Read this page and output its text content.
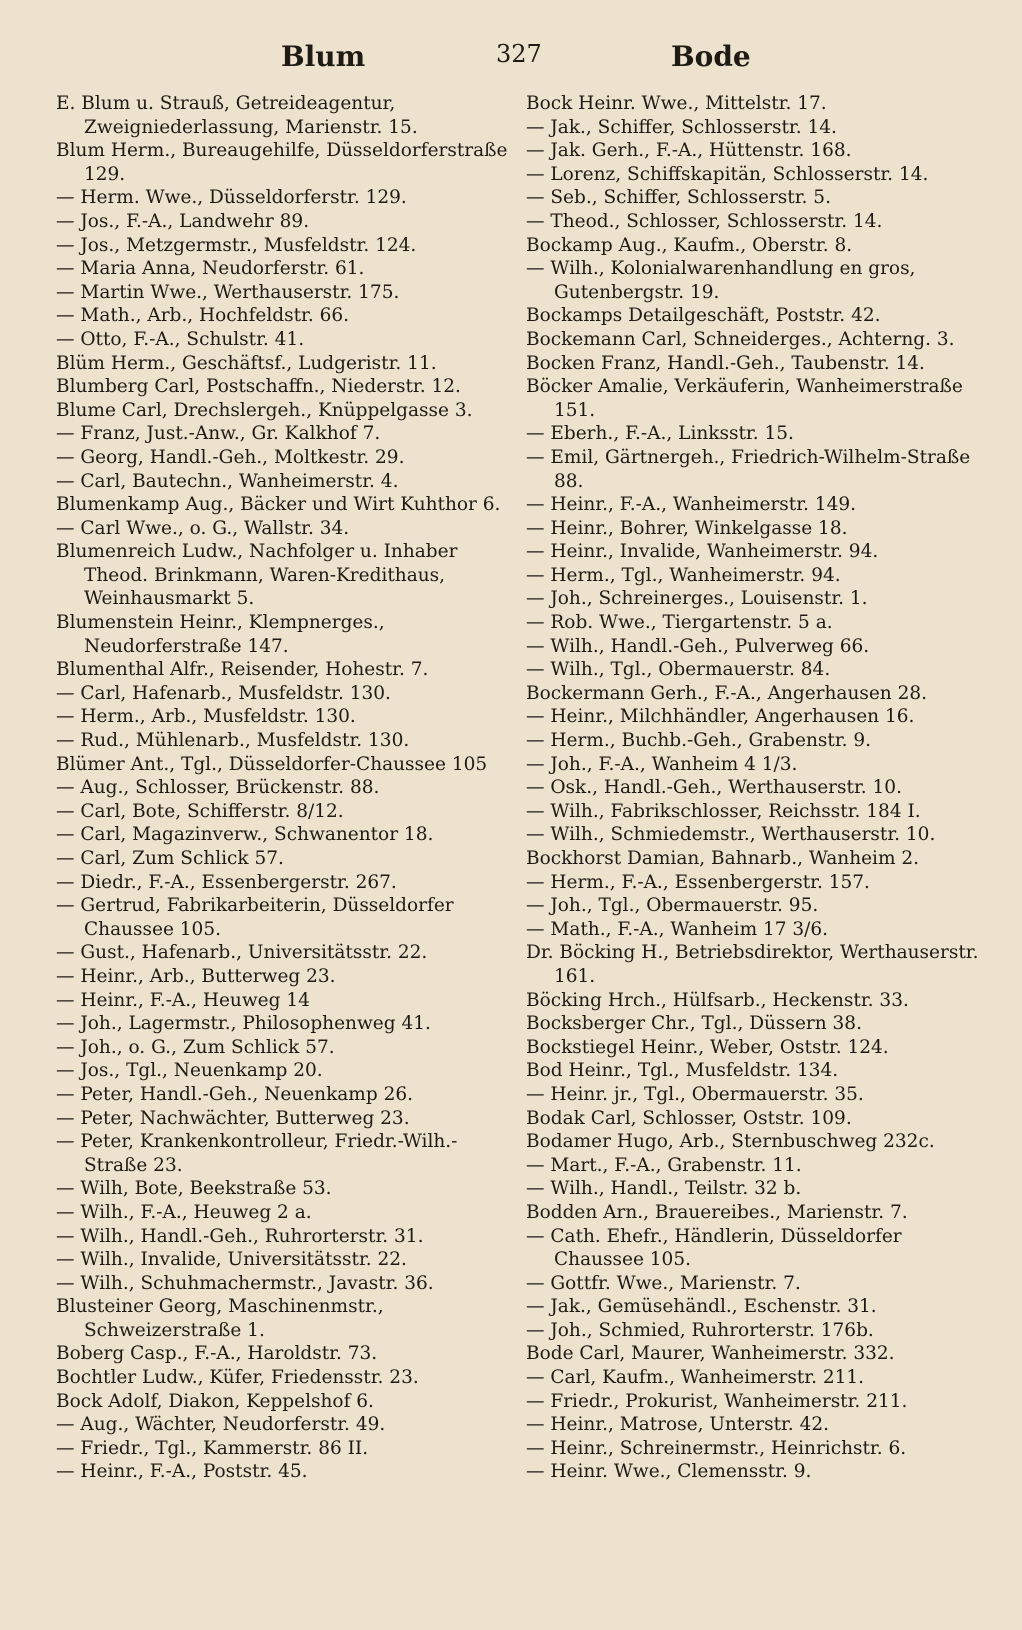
Blum	327	Bode

E. Blum u. Strauß, Getreideagentur, Zweigniederlassung, Marienstr. 15.

Blum Herm., Bureaugehilfe, Düsseldorferstraße 129.

— Herm. Wwe., Düsseldorferstr. 129.

— Jos., F.-A., Landwehr 89.

— Jos., Metzgermstr., Musfeldstr. 124.

— Maria Anna, Neudorferstr. 61.

— Martin Wwe., Werthauserstr. 175.

— Math., Arb., Hochfeldstr. 66.

— Otto, F.-A., Schulstr. 41.

Blüm Herm., Geschäftsf., Ludgeristr. 11.

Blumberg Carl, Postschaffn., Niederstr. 12.

Blume Carl, Drechslergeh., Knüppelgasse 3.

— Franz, Just.-Anw., Gr. Kalkhof 7.

— Georg, Handl.-Geh., Moltkestr. 29.

— Carl, Bautechn., Wanheimerstr. 4.

Blumenkamp Aug., Bäcker und Wirt Kuhthor 6.

— Carl Wwe., o. G., Wallstr. 34.

Blumenreich Ludw., Nachfolger u. Inhaber Theod. Brinkmann, Waren-Kredithaus, Weinhausmarkt 5.

Blumenstein Heinr., Klempnerges., Neudorferstraße 147.

Blumenthal Alfr., Reisender, Hohestr. 7.

— Carl, Hafenarb., Musfeldstr. 130.

— Herm., Arb., Musfeldstr. 130.

— Rud., Mühlenarb., Musfeldstr. 130.

Blümer Ant., Tgl., Düsseldorfer-Chaussee 105

— Aug., Schlosser, Brückenstr. 88.

— Carl, Bote, Schifferstr. 8/12.

— Carl, Magazinverw., Schwanentor 18.

— Carl, Zum Schlick 57.

— Diedr., F.-A., Essenbergerstr. 267.

— Gertrud, Fabrikarbeiterin, Düsseldorfer Chaussee 105.

— Gust., Hafenarb., Universitätsstr. 22.

— Heinr., Arb., Butterweg 23.

— Heinr., F.-A., Heuweg 14

— Joh., Lagermstr., Philosophenweg 41.

— Joh., o. G., Zum Schlick 57.

— Jos., Tgl., Neuenkamp 20.

— Peter, Handl.-Geh., Neuenkamp 26.

— Peter, Nachwächter, Butterweg 23.

— Peter, Krankenkontrolleur, Friedr.-Wilh.-Straße 23.

— Wilh, Bote, Beekstraße 53.

— Wilh., F.-A., Heuweg 2 a.

— Wilh., Handl.-Geh., Ruhrorterstr. 31.

— Wilh., Invalide, Universitätsstr. 22.

— Wilh., Schuhmachermstr., Javastr. 36.

Blusteiner Georg, Maschinenmstr., Schweizerstraße 1.

Boberg Casp., F.-A., Haroldstr. 73.

Bochtler Ludw., Küfer, Friedensstr. 23.

Bock Adolf, Diakon, Keppelshof 6.

— Aug., Wächter, Neudorferstr. 49.

— Friedr., Tgl., Kammerstr. 86 II.

— Heinr., F.-A., Poststr. 45.

Bock Heinr. Wwe., Mittelstr. 17.

— Jak., Schiffer, Schlosserstr. 14.

— Jak. Gerh., F.-A., Hüttenstr. 168.

— Lorenz, Schiffskapitän, Schlosserstr. 14.

— Seb., Schiffer, Schlosserstr. 5.

— Theod., Schlosser, Schlosserstr. 14.

Bockamp Aug., Kaufm., Oberstr. 8.

— Wilh., Kolonialwarenhandlung en gros, Gutenbergstr. 19.

Bockamps Detailgeschäft, Poststr. 42.

Bockemann Carl, Schneiderges., Achterng. 3.

Bocken Franz, Handl.-Geh., Taubenstr. 14.

Böcker Amalie, Verkäuferin, Wanheimerstraße 151.

— Eberh., F.-A., Linksstr. 15.

— Emil, Gärtnergeh., Friedrich-Wilhelm-Straße 88.

— Heinr., F.-A., Wanheimerstr. 149.

— Heinr., Bohrer, Winkelgasse 18.

— Heinr., Invalide, Wanheimerstr. 94.

— Herm., Tgl., Wanheimerstr. 94.

— Joh., Schreinerges., Louisenstr. 1.

— Rob. Wwe., Tiergartenstr. 5 a.

— Wilh., Handl.-Geh., Pulverweg 66.

— Wilh., Tgl., Obermauerstr. 84.

Bockermann Gerh., F.-A., Angerhausen 28.

— Heinr., Milchhändler, Angerhausen 16.

— Herm., Buchb.-Geh., Grabenstr. 9.

— Joh., F.-A., Wanheim 4 1/3.

— Osk., Handl.-Geh., Werthauserstr. 10.

— Wilh., Fabrikschlosser, Reichsstr. 184 I.

— Wilh., Schmiedemstr., Werthauserstr. 10.

Bockhorst Damian, Bahnarb., Wanheim 2.

— Herm., F.-A., Essenbergerstr. 157.

— Joh., Tgl., Obermauerstr. 95.

— Math., F.-A., Wanheim 17 3/6.

Dr. Böcking H., Betriebsdirektor, Werthauserstr. 161.

Böcking Hrch., Hülfsarb., Heckenstr. 33.

Bocksberger Chr., Tgl., Düssern 38.

Bockstiegel Heinr., Weber, Oststr. 124.

Bod Heinr., Tgl., Musfeldstr. 134.

— Heinr. jr., Tgl., Obermauerstr. 35.

Bodak Carl, Schlosser, Oststr. 109.

Bodamer Hugo, Arb., Sternbuschweg 232c.

— Mart., F.-A., Grabenstr. 11.

— Wilh., Handl., Teilstr. 32 b.

Bodden Arn., Brauereibes., Marienstr. 7.

— Cath. Ehefr., Händlerin, Düsseldorfer Chaussee 105.

— Gottfr. Wwe., Marienstr. 7.

— Jak., Gemüsehändl., Eschenstr. 31.

— Joh., Schmied, Ruhrorterstr. 176b.

Bode Carl, Maurer, Wanheimerstr. 332.

— Carl, Kaufm., Wanheimerstr. 211.

— Friedr., Prokurist, Wanheimerstr. 211.

— Heinr., Matrose, Unterstr. 42.

— Heinr., Schreinermstr., Heinrichstr. 6.

— Heinr. Wwe., Clemensstr. 9.
